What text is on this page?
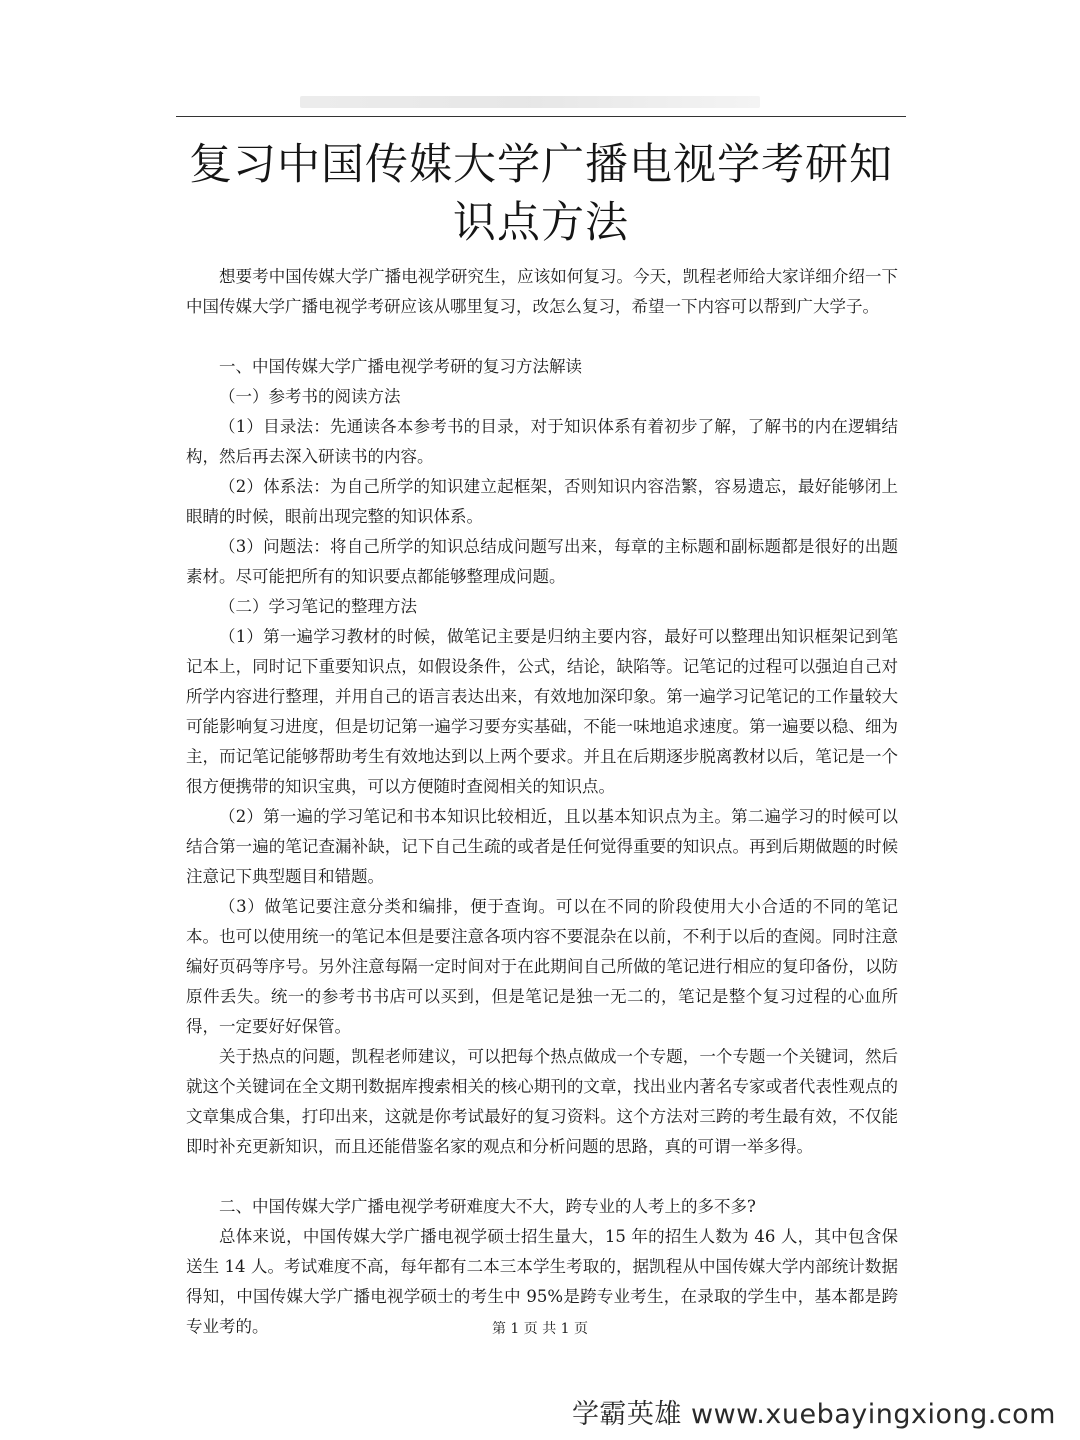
复习中国传媒大学广播电视学考研知识点方法

想要考中国传媒大学广播电视学研究生，应该如何复习。今天，凯程老师给大家详细介绍一下中国传媒大学广播电视学考研应该从哪里复习，改怎么复习，希望一下内容可以帮到广大学子。

一、中国传媒大学广播电视学考研的复习方法解读

（一）参考书的阅读方法

（1）目录法：先通读各本参考书的目录，对于知识体系有着初步了解，了解书的内在逻辑结构，然后再去深入研读书的内容。

（2）体系法：为自己所学的知识建立起框架，否则知识内容浩繁，容易遗忘，最好能够闭上眼睛的时候，眼前出现完整的知识体系。

（3）问题法：将自己所学的知识总结成问题写出来，每章的主标题和副标题都是很好的出题素材。尽可能把所有的知识要点都能够整理成问题。

（二）学习笔记的整理方法

（1）第一遍学习教材的时候，做笔记主要是归纳主要内容，最好可以整理出知识框架记到笔记本上，同时记下重要知识点，如假设条件，公式，结论，缺陷等。记笔记的过程可以强迫自己对所学内容进行整理，并用自己的语言表达出来，有效地加深印象。第一遍学习记笔记的工作量较大可能影响复习进度，但是切记第一遍学习要夯实基础，不能一味地追求速度。第一遍要以稳、细为主，而记笔记能够帮助考生有效地达到以上两个要求。并且在后期逐步脱离教材以后，笔记是一个很方便携带的知识宝典，可以方便随时查阅相关的知识点。

（2）第一遍的学习笔记和书本知识比较相近，且以基本知识点为主。第二遍学习的时候可以结合第一遍的笔记查漏补缺，记下自己生疏的或者是任何觉得重要的知识点。再到后期做题的时候注意记下典型题目和错题。

（3）做笔记要注意分类和编排，便于查询。可以在不同的阶段使用大小合适的不同的笔记本。也可以使用统一的笔记本但是要注意各项内容不要混杂在以前，不利于以后的查阅。同时注意编好页码等序号。另外注意每隔一定时间对于在此期间自己所做的笔记进行相应的复印备份，以防原件丢失。统一的参考书书店可以买到，但是笔记是独一无二的，笔记是整个复习过程的心血所得，一定要好好保管。

关于热点的问题，凯程老师建议，可以把每个热点做成一个专题，一个专题一个关键词，然后就这个关键词在全文期刊数据库搜索相关的核心期刊的文章，找出业内著名专家或者代表性观点的文章集成合集，打印出来，这就是你考试最好的复习资料。这个方法对三跨的考生最有效，不仅能即时补充更新知识，而且还能借鉴名家的观点和分析问题的思路，真的可谓一举多得。

二、中国传媒大学广播电视学考研难度大不大，跨专业的人考上的多不多?

总体来说，中国传媒大学广播电视学硕士招生量大，15 年的招生人数为 46 人，其中包含保送生 14 人。考试难度不高，每年都有二本三本学生考取的，据凯程从中国传媒大学内部统计数据得知，中国传媒大学广播电视学硕士的考生中 95%是跨专业考生，在录取的学生中，基本都是跨专业考的。	第 1 页 共 1 页
学霸英雄 www.xuebayingxiong.com
